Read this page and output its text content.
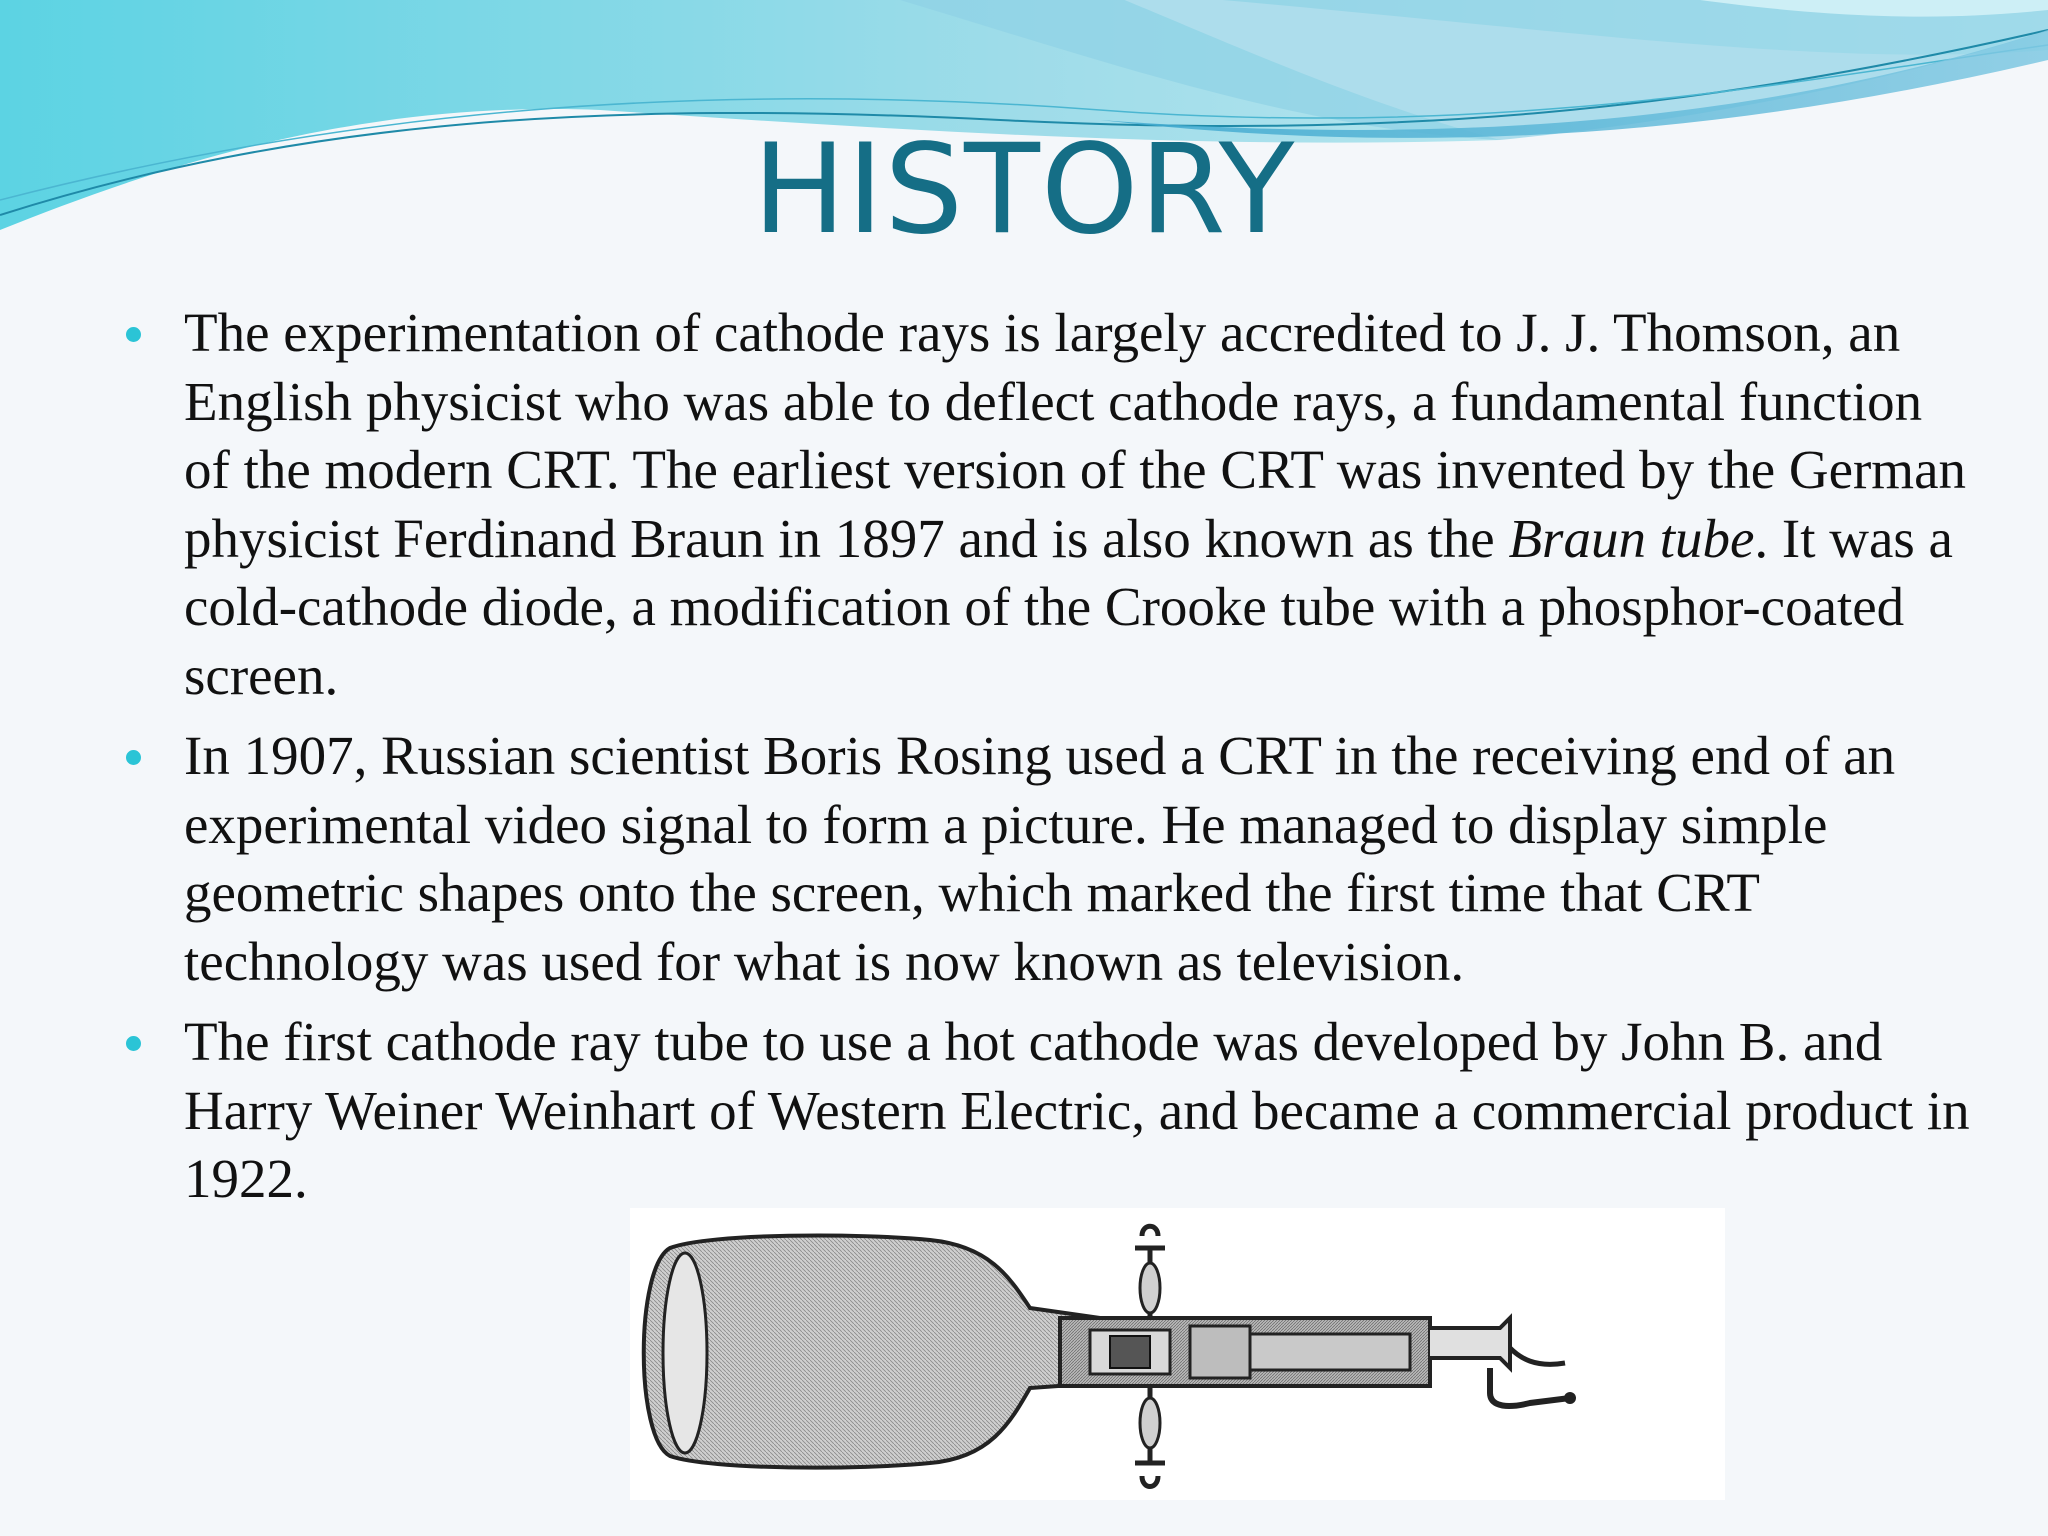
HISTORY
The experimentation of cathode rays is largely accredited to J. J. Thomson, an English physicist who was able to deflect cathode rays, a fundamental function of the modern CRT. The earliest version of the CRT was invented by the German physicist Ferdinand Braun in 1897 and is also known as the Braun tube. It was a cold-cathode diode, a modification of the Crooke tube with a phosphor-coated screen.
In 1907, Russian scientist Boris Rosing used a CRT in the receiving end of an experimental video signal to form a picture. He managed to display simple geometric shapes onto the screen, which marked the first time that CRT technology was used for what is now known as television.
The first cathode ray tube to use a hot cathode was developed by John B. and Harry Weiner Weinhart of Western Electric, and became a commercial product in 1922.
